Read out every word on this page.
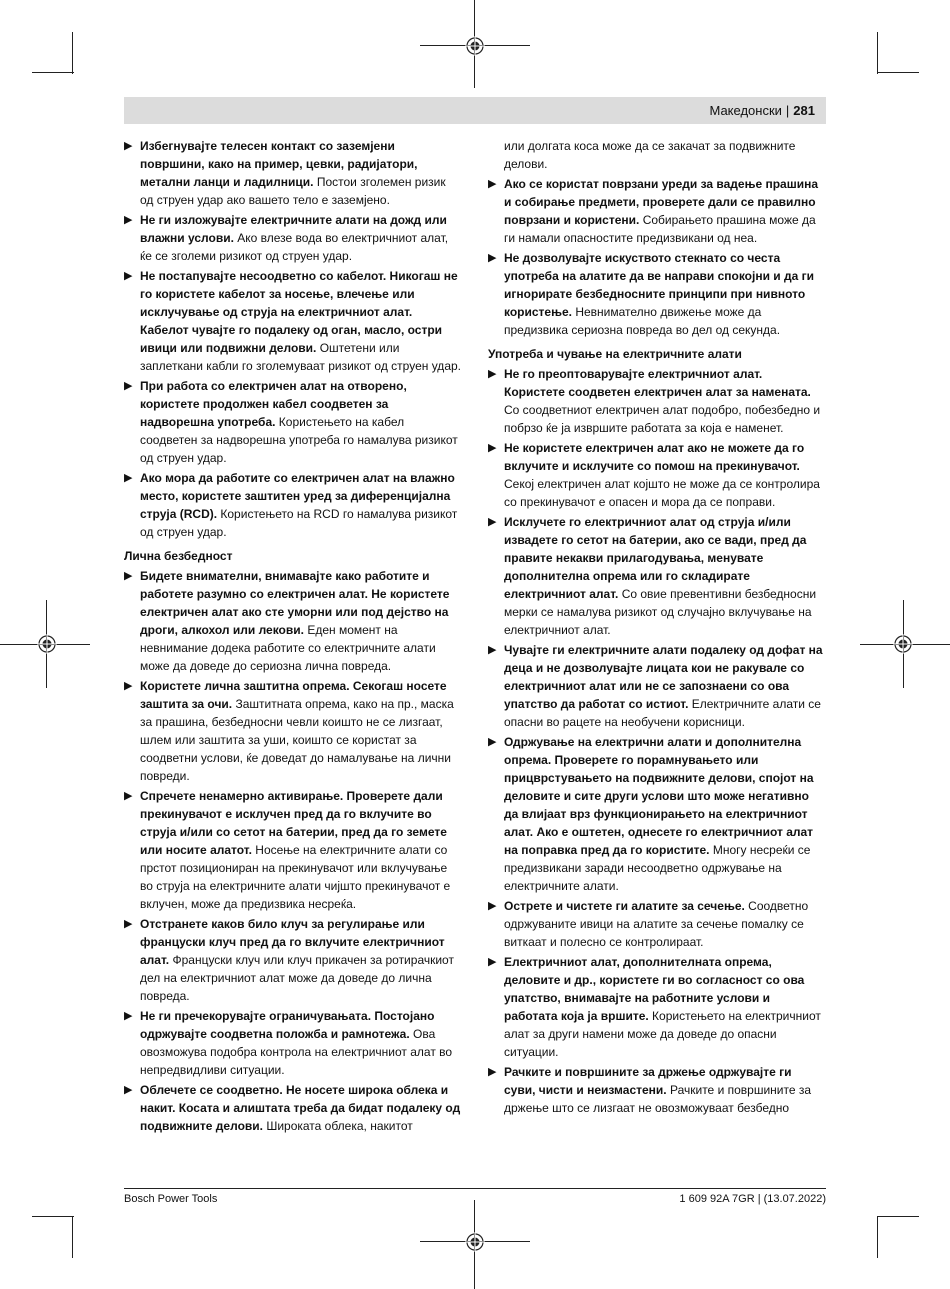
Македонски | 281
▶ Избегнувајте телесен контакт со заземјени површини, како на пример, цевки, радијатори, метални ланци и ладилници. Постои зголемен ризик од струен удар ако вашето тело е заземјено.
▶ Не ги изложувајте електричните алати на дожд или влажни услови. Ако влезе вода во електричниот алат, ќе се зголеми ризикот од струен удар.
▶ Не постапувајте несоодветно со кабелот. Никогаш не го користете кабелот за носење, влечење или исклучување од струја на електричниот алат. Кабелот чувајте го подалеку од оган, масло, остри ивици или подвижни делови. Оштетени или заплеткани кабли го зголемуваат ризикот од струен удар.
▶ При работа со електричен алат на отворено, користете продолжен кабел соодветен за надворешна употреба. Користењето на кабел соодветен за надворешна употреба го намалува ризикот од струен удар.
▶ Ако мора да работите со електричен алат на влажно место, користете заштитен уред за диференцијална струја (RCD). Користењето на RCD го намалува ризикот од струен удар.
Лична безбедност
▶ Бидете внимателни, внимавајте како работите и работете разумно со електричен алат. Не користете електричен алат ако сте уморни или под дејство на дроги, алкохол или лекови. Еден момент на невнимание додека работите со електричните алати може да доведе до сериозна лична повреда.
▶ Користете лична заштитна опрема. Секогаш носете заштита за очи. Заштитната опрема, како на пр., маска за прашина, безбедносни чевли коишто не се лизгаат, шлем или заштита за уши, коишто се користат за соодветни услови, ќе доведат до намалување на лични повреди.
▶ Спречете ненамерно активирање. Проверете дали прекинувачот е исклучен пред да го вклучите во струја и/или со сетот на батерии, пред да го земете или носите алатот. Носење на електричните алати со прстот позициониран на прекинувачот или вклучување во струја на електричните алати чијшто прекинувачот е вклучен, може да предизвика несреќа.
▶ Отстранете каков било клуч за регулирање или француски клуч пред да го вклучите електричниот алат. Француски клуч или клуч прикачен за ротирачкиот дел на електричниот алат може да доведе до лична повреда.
▶ Не ги пречекорувајте ограничувањата. Постојано одржувајте соодветна положба и рамнотежа. Ова овозможува подобра контрола на електричниот алат во непредвидливи ситуации.
▶ Облечете се соодветно. Не носете широка облека и накит. Косата и алиштата треба да бидат подалеку од подвижните делови. Широката облека, накитот
или долгата коса може да се закачат за подвижните делови.
▶ Ако се користат поврзани уреди за вадење прашина и собирање предмети, проверете дали се правилно поврзани и користени. Собирањето прашина може да ги намали опасностите предизвикани од неа.
▶ Не дозволувајте искуството стекнато со честа употреба на алатите да ве направи спокојни и да ги игнорирате безбедносните принципи при нивното користење. Невнимателно движење може да предизвика сериозна повреда во дел од секунда.
Употреба и чување на електричните алати
▶ Не го преоптоварувајте електричниот алат. Користете соодветен електричен алат за намената. Со соодветниот електричен алат подобро, побезбедно и побрзо ќе ја извршите работата за која е наменет.
▶ Не користете електричен алат ако не можете да го вклучите и исклучите со помош на прекинувачот. Секој електричен алат којшто не може да се контролира со прекинувачот е опасен и мора да се поправи.
▶ Исклучете го електричниот алат од струја и/или извадете го сетот на батерии, ако се вади, пред да правите некакви прилагодувања, менувате дополнителна опрема или го складирате електричниот алат. Со овие превентивни безбедносни мерки се намалува ризикот од случајно вклучување на електричниот алат.
▶ Чувајте ги електричните алати подалеку од дофат на деца и не дозволувајте лицата кои не ракувале со електричниот алат или не се запознаени со ова упатство да работат со истиот. Електричните алати се опасни во рацете на необучени корисници.
▶ Одржување на електрични алати и дополнителна опрема. Проверете го порамнувањето или прицврстувањето на подвижните делови, спојот на деловите и сите други услови што може негативно да влијаат врз функционирањето на електричниот алат. Ако е оштетен, однесете го електричниот алат на поправка пред да го користите. Многу несреќи се предизвикани заради несоодветно одржување на електричните алати.
▶ Острете и чистете ги алатите за сечење. Соодветно одржуваните ивици на алатите за сечење помалку се виткаат и полесно се контролираат.
▶ Електричниот алат, дополнителната опрема, деловите и др., користете ги во согласност со ова упатство, внимавајте на работните услови и работата која ја вршите. Користењето на електричниот алат за други намени може да доведе до опасни ситуации.
▶ Рачките и површините за држење одржувајте ги суви, чисти и неизмастени. Рачките и површините за држење што се лизгаат не овозможуваат безбедно
Bosch Power Tools	1 609 92A 7GR | (13.07.2022)
